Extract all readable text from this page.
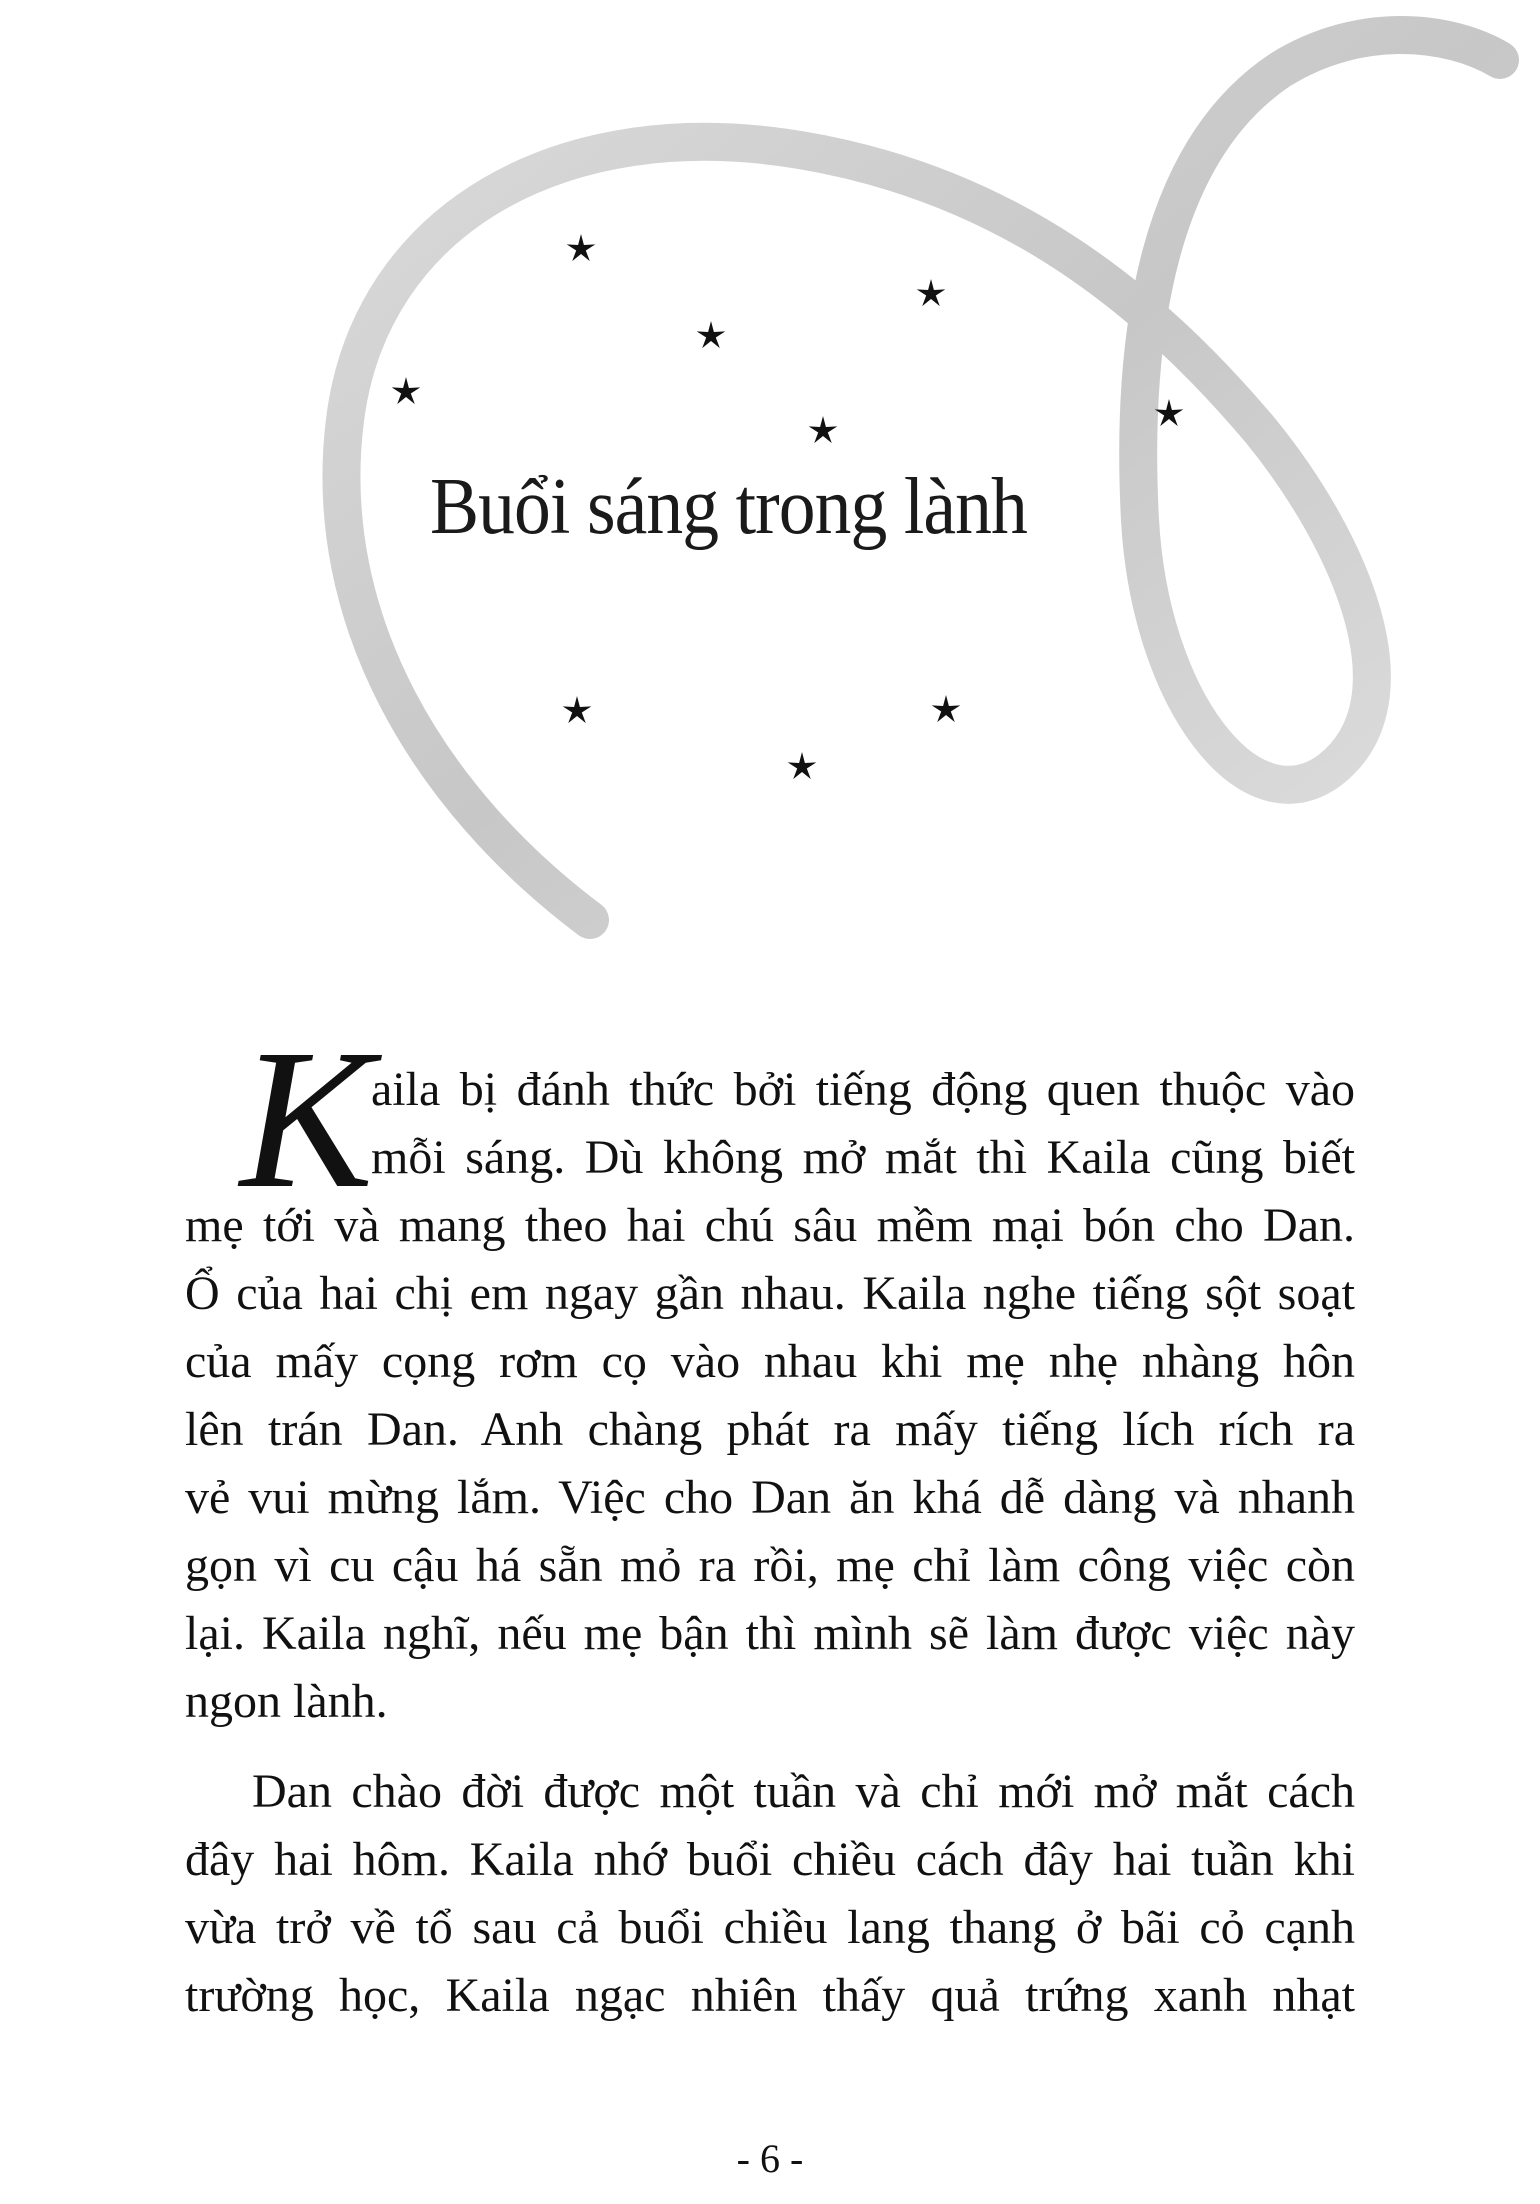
Buổi sáng trong lành
K
aila bị đánh thức bởi tiếng động quen thuộc vào
mỗi sáng. Dù không mở mắt thì Kaila cũng biết
mẹ tới và mang theo hai chú sâu mềm mại bón cho Dan.
Ổ của hai chị em ngay gần nhau. Kaila nghe tiếng sột soạt
của mấy cọng rơm cọ vào nhau khi mẹ nhẹ nhàng hôn
lên trán Dan. Anh chàng phát ra mấy tiếng lích rích ra
vẻ vui mừng lắm. Việc cho Dan ăn khá dễ dàng và nhanh
gọn vì cu cậu há sẵn mỏ ra rồi, mẹ chỉ làm công việc còn
lại. Kaila nghĩ, nếu mẹ bận thì mình sẽ làm được việc này
ngon lành.
Dan chào đời được một tuần và chỉ mới mở mắt cách
đây hai hôm. Kaila nhớ buổi chiều cách đây hai tuần khi
vừa trở về tổ sau cả buổi chiều lang thang ở bãi cỏ cạnh
trường học, Kaila ngạc nhiên thấy quả trứng xanh nhạt
- 6 -
